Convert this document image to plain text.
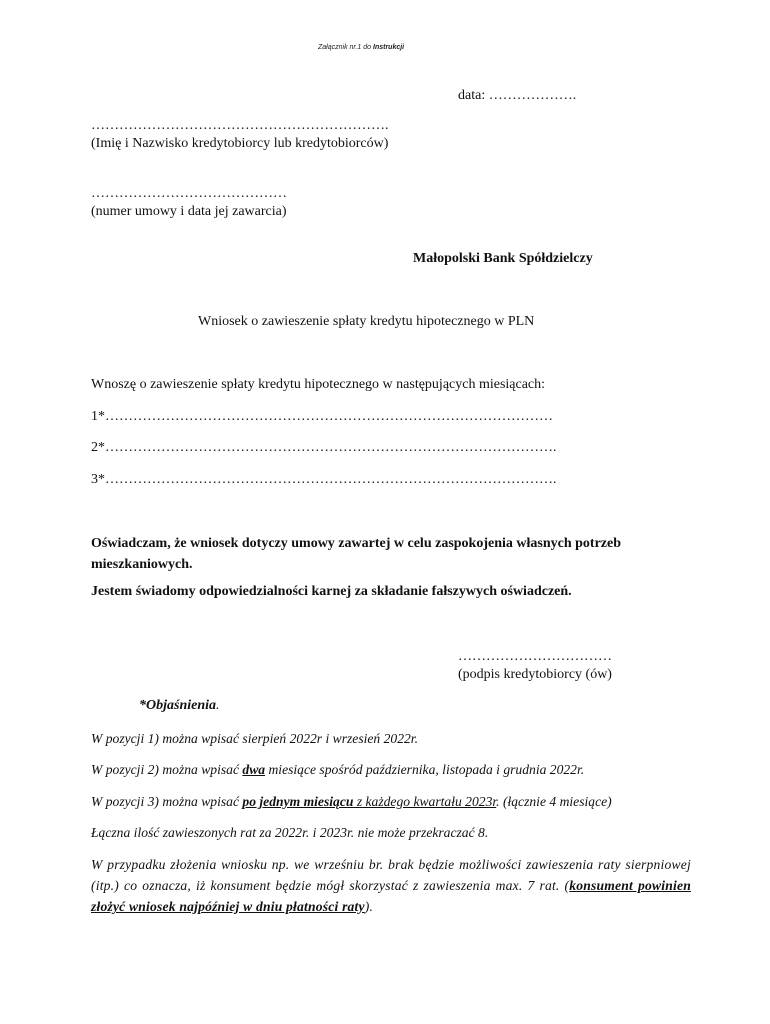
Załącznik nr.1 do Instrukcji
data: ……………….
……………………………………………………….
(Imię i Nazwisko kredytobiorcy lub kredytobiorców)
……………………………………
(numer umowy i data jej zawarcia)
Małopolski Bank Spółdzielczy
Wniosek o zawieszenie spłaty kredytu hipotecznego w PLN
Wnoszę o zawieszenie spłaty kredytu hipotecznego w następujących miesiącach:
1*……………………………………………………………………………………
2*…………………………………………………………………………………….
3*…………………………………………………………………………………….
Oświadczam, że wniosek dotyczy umowy zawartej w celu zaspokojenia własnych potrzeb mieszkaniowych.
Jestem świadomy odpowiedzialności karnej za składanie fałszywych oświadczeń.
……………………………
(podpis kredytobiorcy (ów)
*Objaśnienia.
W pozycji 1) można wpisać sierpień 2022r i wrzesień 2022r.
W pozycji 2) można wpisać dwa miesiące spośród października, listopada i grudnia 2022r.
W pozycji 3) można wpisać po jednym miesiącu z każdego kwartału 2023r. (łącznie 4 miesiące)
Łączna ilość zawieszonych rat za 2022r. i 2023r. nie może przekraczać 8.
W przypadku złożenia wniosku np. we wrześniu br. brak będzie możliwości zawieszenia raty sierpniowej (itp.) co oznacza, iż konsument będzie mógł skorzystać z zawieszenia max. 7 rat. (konsument powinien złożyć wniosek najpóźniej w dniu płatności raty).
